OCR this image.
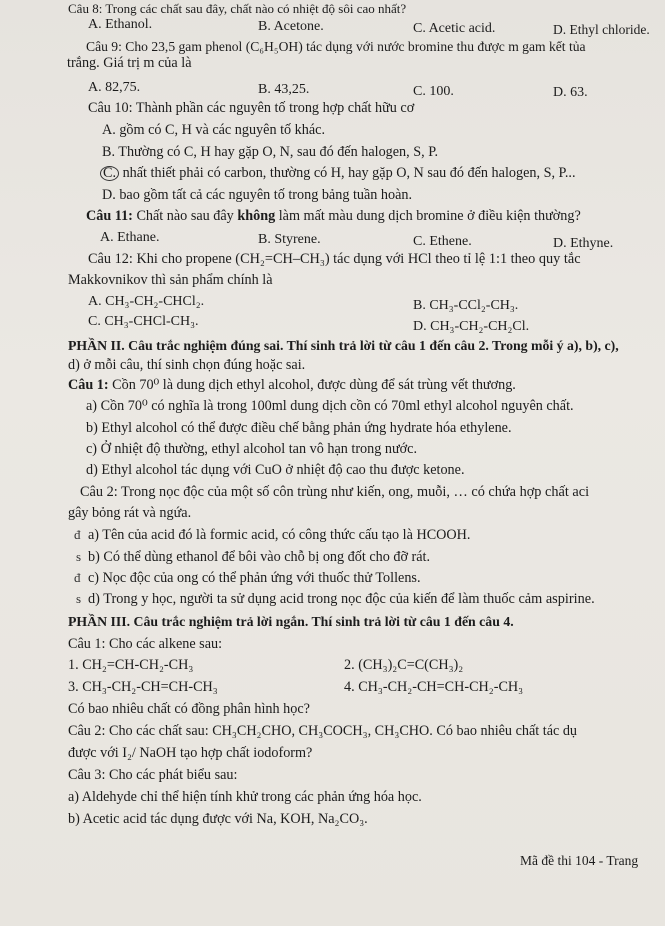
Câu 8: Trong các chất sau đây, chất nào có nhiệt độ sôi cao nhất?
A. Ethanol.	B. Acetone.	C. Acetic acid.	D. Ethyl chloride.
Câu 9: Cho 23,5 gam phenol (C₆H₅OH) tác dụng với nước bromine thu được m gam kết tủa
trắng. Giá trị m của là
A. 82,75.	B. 43,25.	C. 100.	D. 63.
Câu 10: Thành phần các nguyên tố trong hợp chất hữu cơ
A. gồm có C, H và các nguyên tố khác.
B. Thường có C, H hay gặp O, N, sau đó đến halogen, S, P.
C. nhất thiết phải có carbon, thường có H, hay gặp O, N sau đó đến halogen, S, P...
D. bao gồm tất cả các nguyên tố trong bảng tuần hoàn.
Câu 11: Chất nào sau đây không làm mất màu dung dịch bromine ở điều kiện thường?
A. Ethane.	B. Styrene.	C. Ethene.	D. Ethyne.
Câu 12: Khi cho propene (CH₂=CH–CH₃) tác dụng với HCl theo tỉ lệ 1:1 theo quy tắc
Makkovnikov thì sản phẩm chính là
A. CH₃-CH₂-CHCl₂.	B. CH₃-CCl₂-CH₃.
C. CH₃-CHCl-CH₃.	D. CH₃-CH₂-CH₂Cl.
PHẦN II. Câu trắc nghiệm đúng sai. Thí sinh trả lời từ câu 1 đến câu 2. Trong mỗi ý a), b), c),
d) ở mỗi câu, thí sinh chọn đúng hoặc sai.
Câu 1: Cồn 70⁰ là dung dịch ethyl alcohol, được dùng để sát trùng vết thương.
a) Cồn 70⁰ có nghĩa là trong 100ml dung dịch cồn có 70ml ethyl alcohol nguyên chất.
b) Ethyl alcohol có thể được điều chế bằng phản ứng hydrate hóa ethylene.
c) Ở nhiệt độ thường, ethyl alcohol tan vô hạn trong nước.
d) Ethyl alcohol tác dụng với CuO ở nhiệt độ cao thu được ketone.
Câu 2: Trong nọc độc của một số côn trùng như kiến, ong, muỗi, … có chứa hợp chất aci
gây bỏng rát và ngứa.
đ a) Tên của acid đó là formic acid, có công thức cấu tạo là HCOOH.
s b) Có thể dùng ethanol để bôi vào chỗ bị ong đốt cho đỡ rát.
đ c) Nọc độc của ong có thể phản ứng với thuốc thử Tollens.
s d) Trong y học, người ta sử dụng acid trong nọc độc của kiến để làm thuốc cảm aspirine.
PHẦN III. Câu trắc nghiệm trả lời ngắn. Thí sinh trả lời từ câu 1 đến câu 4.
Câu 1: Cho các alkene sau:
1. CH₂=CH-CH₂-CH₃	2. (CH₃)₂C=C(CH₃)₂
3. CH₃-CH₂-CH=CH-CH₃	4. CH₃-CH₂-CH=CH-CH₂-CH₃
Có bao nhiêu chất có đồng phân hình học?
Câu 2: Cho các chất sau: CH₃CH₂CHO, CH₃COCH₃, CH₃CHO. Có bao nhiêu chất tác dụ
được với I₂/ NaOH tạo hợp chất iodoform?
Câu 3: Cho các phát biểu sau:
a) Aldehyde chỉ thể hiện tính khử trong các phản ứng hóa học.
b) Acetic acid tác dụng được với Na, KOH, Na₂CO₃.
Mã đề thi 104 - Trang
